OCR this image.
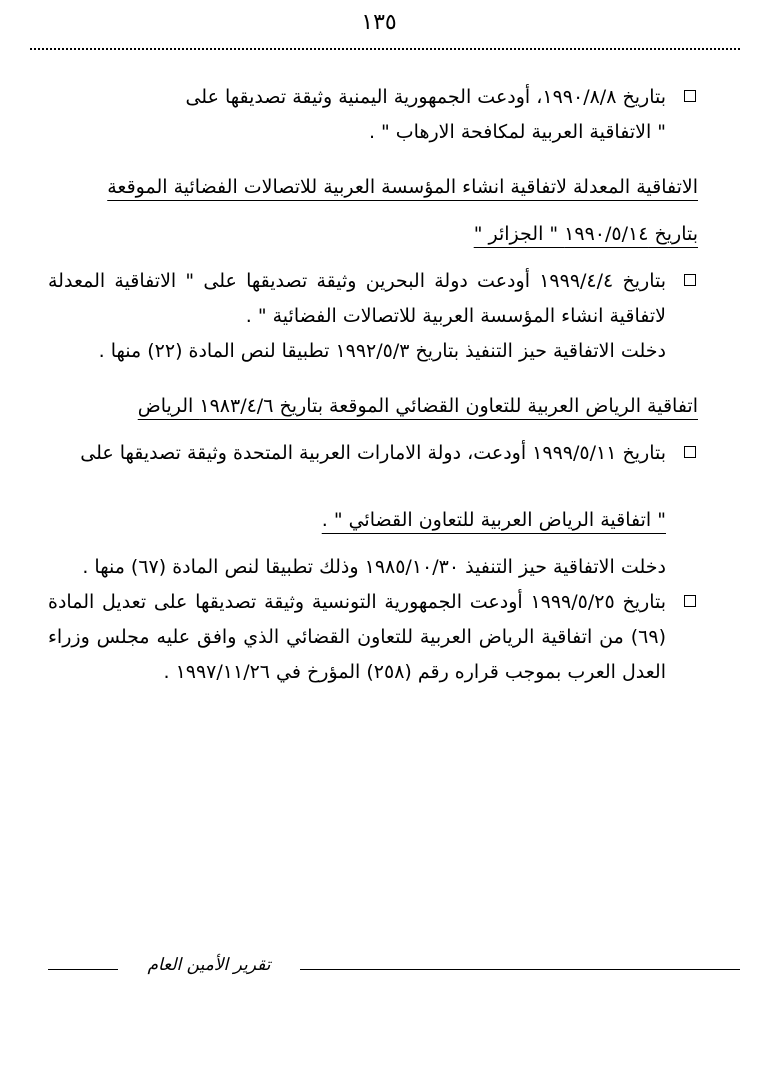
١٣٥

بتاريخ ١٩٩٠/٨/٨، أودعت الجمهورية اليمنية وثيقة تصديقها على

" الاتفاقية العربية لمكافحة الارهاب " .

الاتفاقية المعدلة لاتفاقية انشاء المؤسسة العربية للاتصالات الفضائية الموقعة

بتاريخ ١٩٩٠/٥/١٤ " الجزائر "

بتاريخ ١٩٩٩/٤/٤ أودعت دولة البحرين وثيقة تصديقها على " الاتفاقية المعدلة لاتفاقية انشاء المؤسسة العربية للاتصالات الفضائية " .

دخلت الاتفاقية حيز التنفيذ بتاريخ ١٩٩٢/٥/٣ تطبيقا لنص المادة (٢٢) منها .

اتفاقية الرياض العربية للتعاون القضائي الموقعة بتاريخ ١٩٨٣/٤/٦ الرياض

بتاريخ ١٩٩٩/٥/١١ أودعت، دولة الامارات العربية المتحدة وثيقة تصديقها على

" اتفاقية الرياض العربية للتعاون القضائي " .

دخلت الاتفاقية حيز التنفيذ ١٩٨٥/١٠/٣٠ وذلك تطبيقا لنص المادة (٦٧) منها .

بتاريخ ١٩٩٩/٥/٢٥ أودعت الجمهورية التونسية وثيقة تصديقها على تعديل المادة (٦٩) من اتفاقية الرياض العربية للتعاون القضائي الذي وافق عليه مجلس وزراء العدل العرب بموجب قراره رقم (٢٥٨) المؤرخ في ١٩٩٧/١١/٢٦ .

تقرير الأمين العام
